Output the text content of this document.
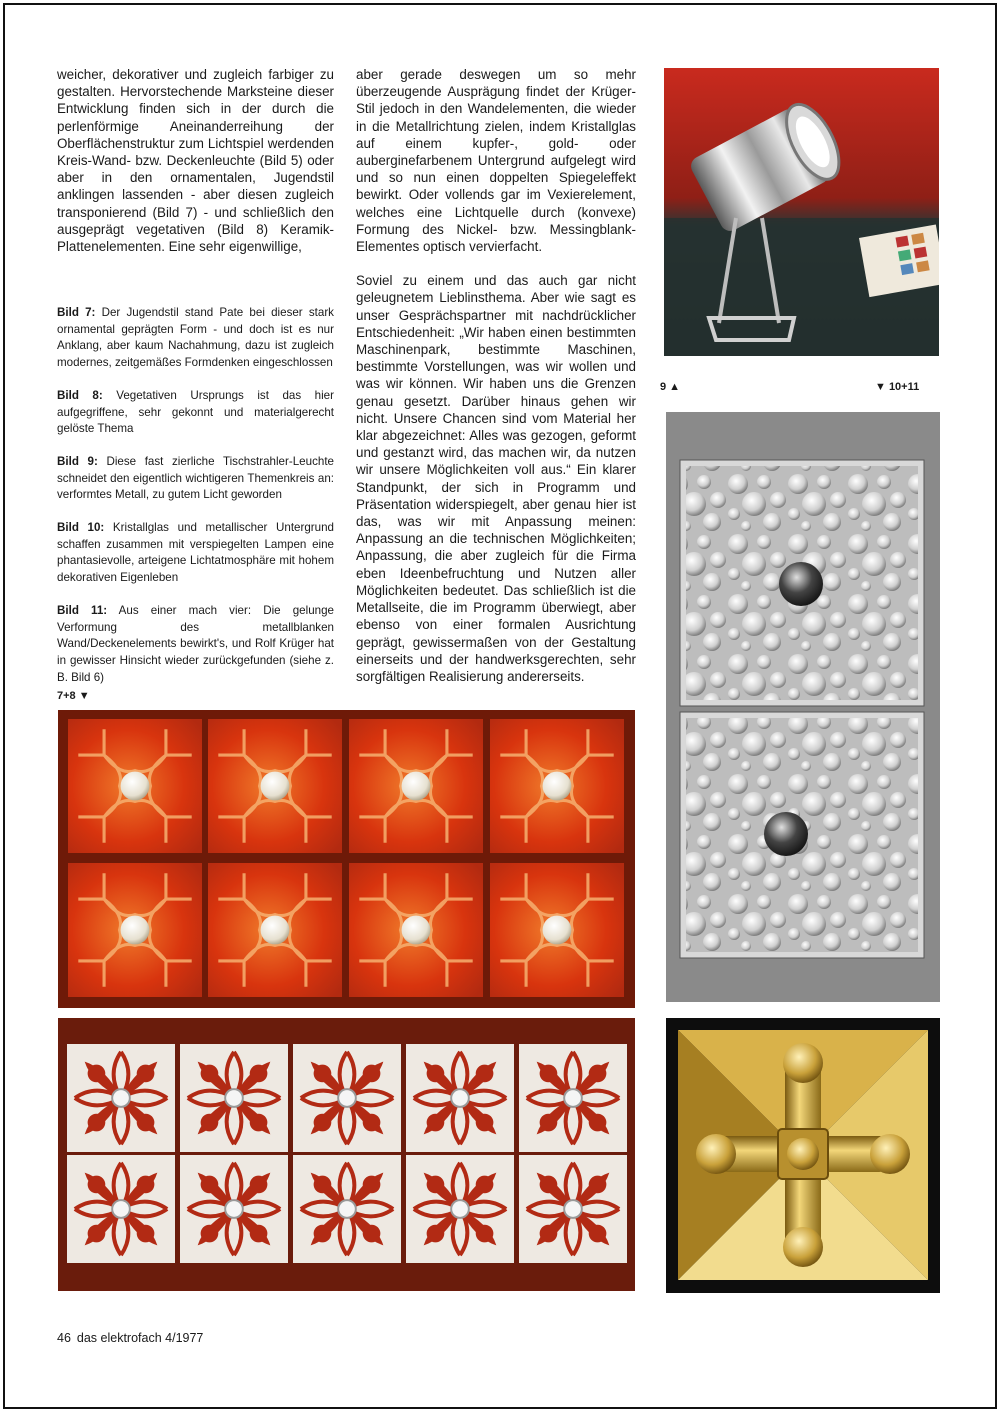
weicher, dekorativer und zugleich farbiger zu gestalten. Hervorstechende Marksteine dieser Entwicklung finden sich in der durch die perlenförmige Aneinanderreihung der Oberflächenstruktur zum Lichtspiel werdenden Kreis-Wand- bzw. Deckenleuchte (Bild 5) oder aber in den ornamentalen, Jugendstil anklingen lassenden - aber diesen zugleich transponierend (Bild 7) - und schließlich den ausgeprägt vegetativen (Bild 8) Keramik-Plattenelementen. Eine sehr eigenwillige,

Bild 7: Der Jugendstil stand Pate bei dieser stark ornamental geprägten Form - und doch ist es nur Anklang, aber kaum Nachahmung, dazu ist zugleich modernes, zeitgemäßes Formdenken eingeschlossen

Bild 8: Vegetativen Ursprungs ist das hier aufgegriffene, sehr gekonnt und materialgerecht gelöste Thema

Bild 9: Diese fast zierliche Tischstrahler-Leuchte schneidet den eigentlich wichtigeren Themenkreis an: verformtes Metall, zu gutem Licht geworden

Bild 10: Kristallglas und metallischer Untergrund schaffen zusammen mit verspiegelten Lampen eine phantasievolle, arteigene Lichtatmosphäre mit hohem dekorativen Eigenleben

Bild 11: Aus einer mach vier: Die gelunge Verformung des metallblanken Wand/Deckenelements bewirkt's, und Rolf Krüger hat in gewisser Hinsicht wieder zurückgefunden (siehe z. B. Bild 6)

7+8 ▼

aber gerade deswegen um so mehr überzeugende Ausprägung findet der Krüger-Stil jedoch in den Wandelementen, die wieder in die Metallrichtung zielen, indem Kristallglas auf einem kupfer-, gold- oder auberginefarbenem Untergrund aufgelegt wird und so nun einen doppelten Spiegeleffekt bewirkt. Oder vollends gar im Vexierelement, welches eine Lichtquelle durch (konvexe) Formung des Nickel- bzw. Messingblank-Elementes optisch vervierfacht.

Soviel zu einem und das auch gar nicht geleugnetem Lieblinsthema. Aber wie sagt es unser Gesprächspartner mit nachdrücklicher Entschiedenheit: „Wir haben einen bestimmten Maschinenpark, bestimmte Maschinen, bestimmte Vorstellungen, was wir wollen und was wir können. Wir haben uns die Grenzen genau gesetzt. Darüber hinaus gehen wir nicht. Unsere Chancen sind vom Material her klar abgezeichnet: Alles was gezogen, geformt und gestanzt wird, das machen wir, da nutzen wir unsere Möglichkeiten voll aus.“ Ein klarer Standpunkt, der sich in Programm und Präsentation widerspiegelt, aber genau hier ist das, was wir mit Anpassung meinen: Anpassung an die technischen Möglichkeiten; Anpassung, die aber zugleich für die Firma eben Ideenbefruchtung und Nutzen aller Möglichkeiten bedeutet. Das schließlich ist die Metallseite, die im Programm überwiegt, aber ebenso von einer formalen Ausrichtung geprägt, gewissermaßen von der Gestaltung einerseits und der handwerksgerechten, sehr sorgfältigen Realisierung andererseits.

9 ▲	▼ 10+11
46 das elektrofach 4/1977
